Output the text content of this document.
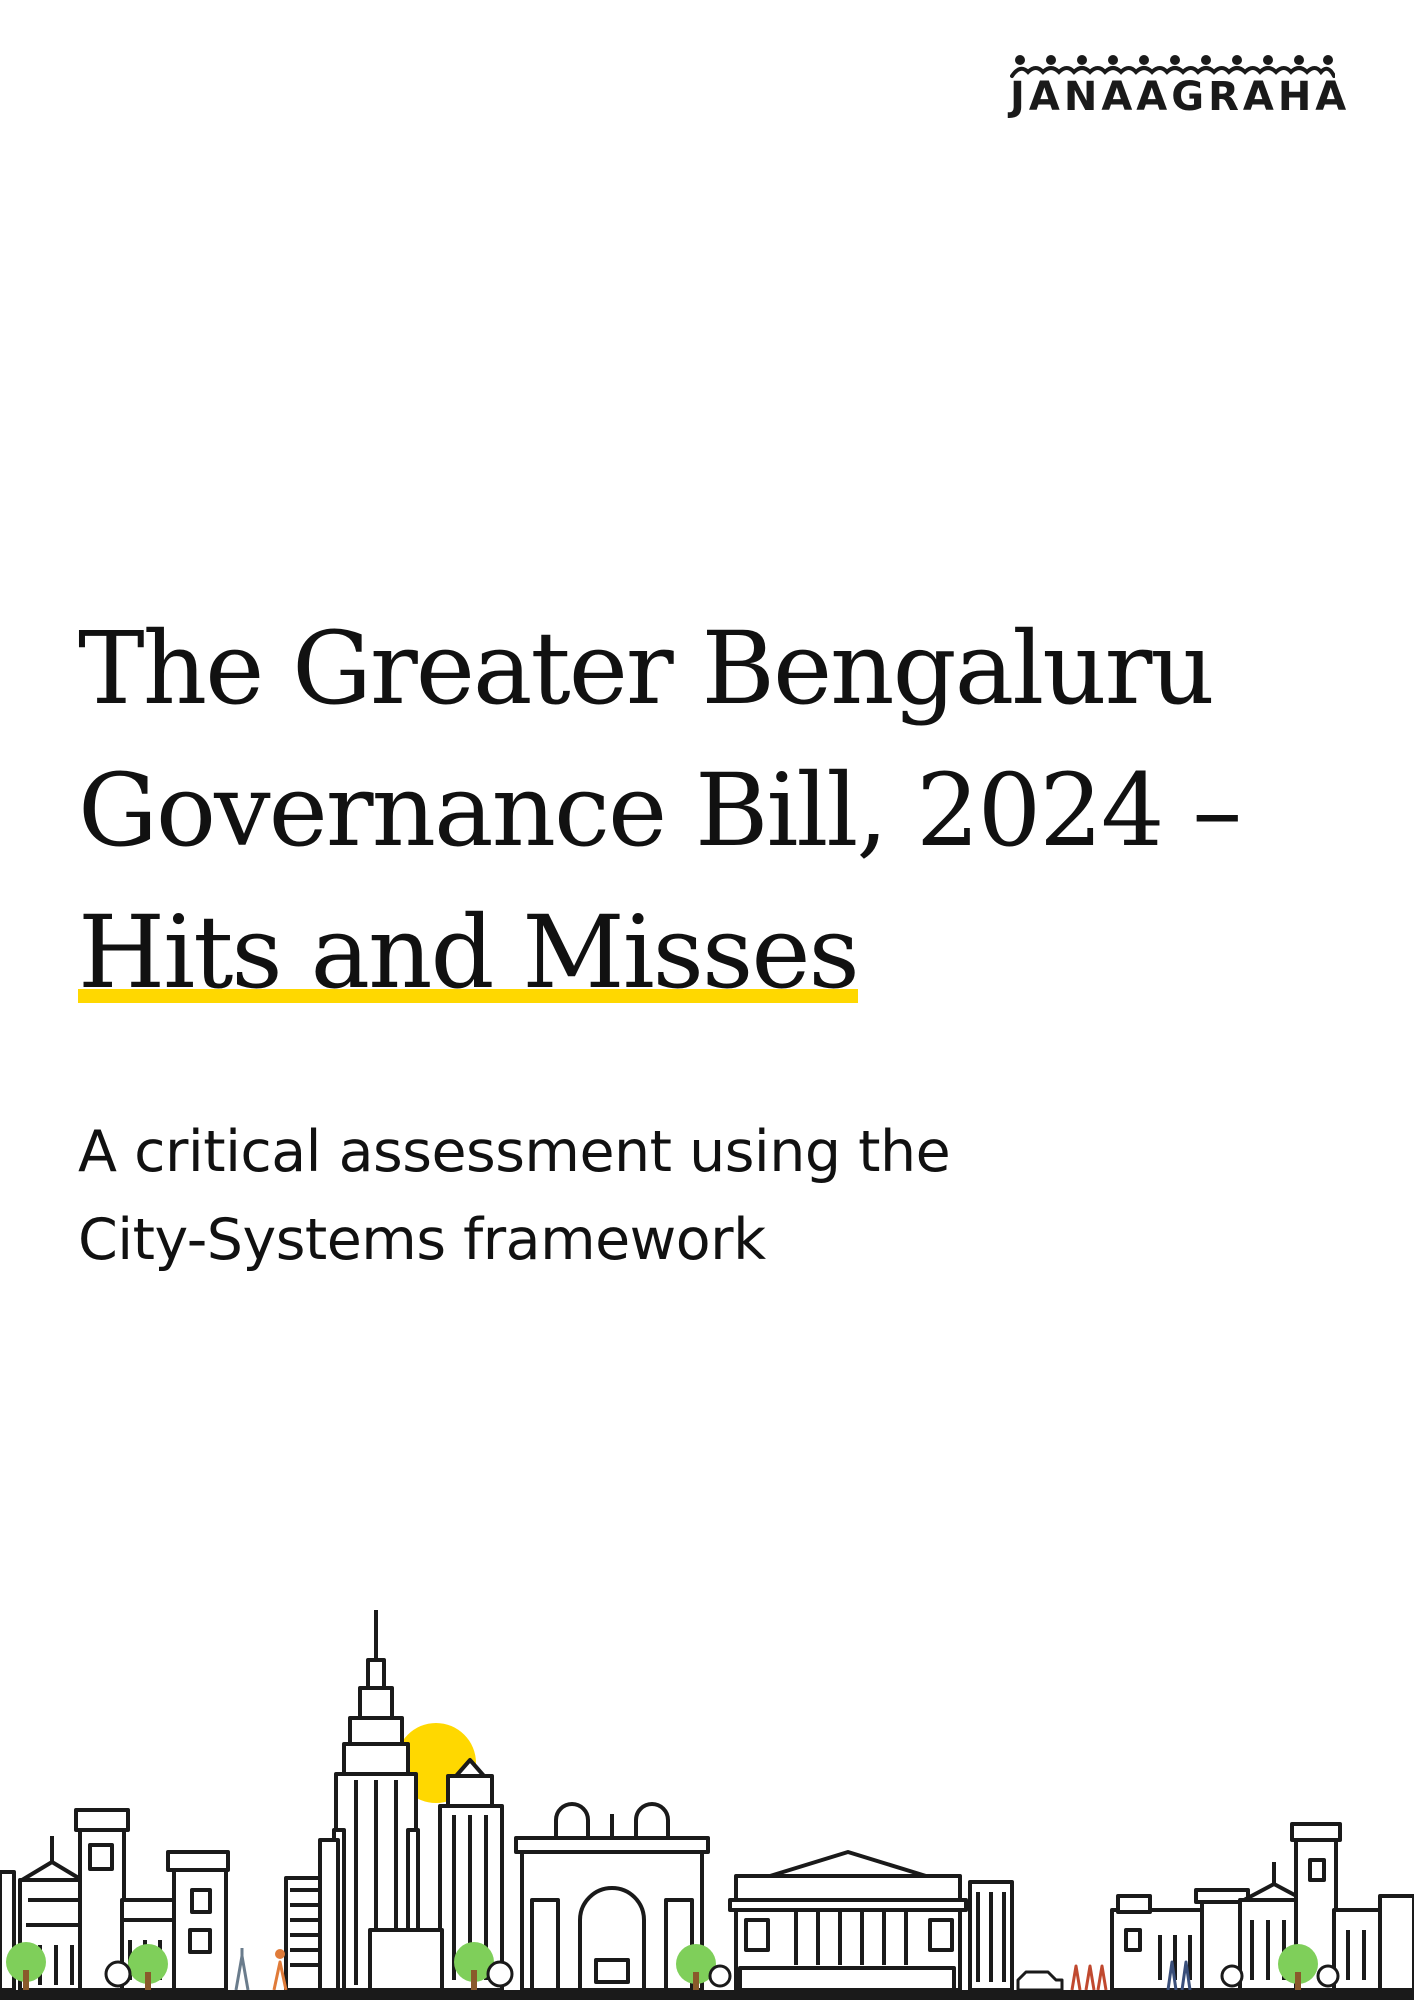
JANAAGRAHA
The Greater Bengaluru
Governance Bill, 2024 –
Hits and Misses
A critical assessment using the
City-Systems framework
